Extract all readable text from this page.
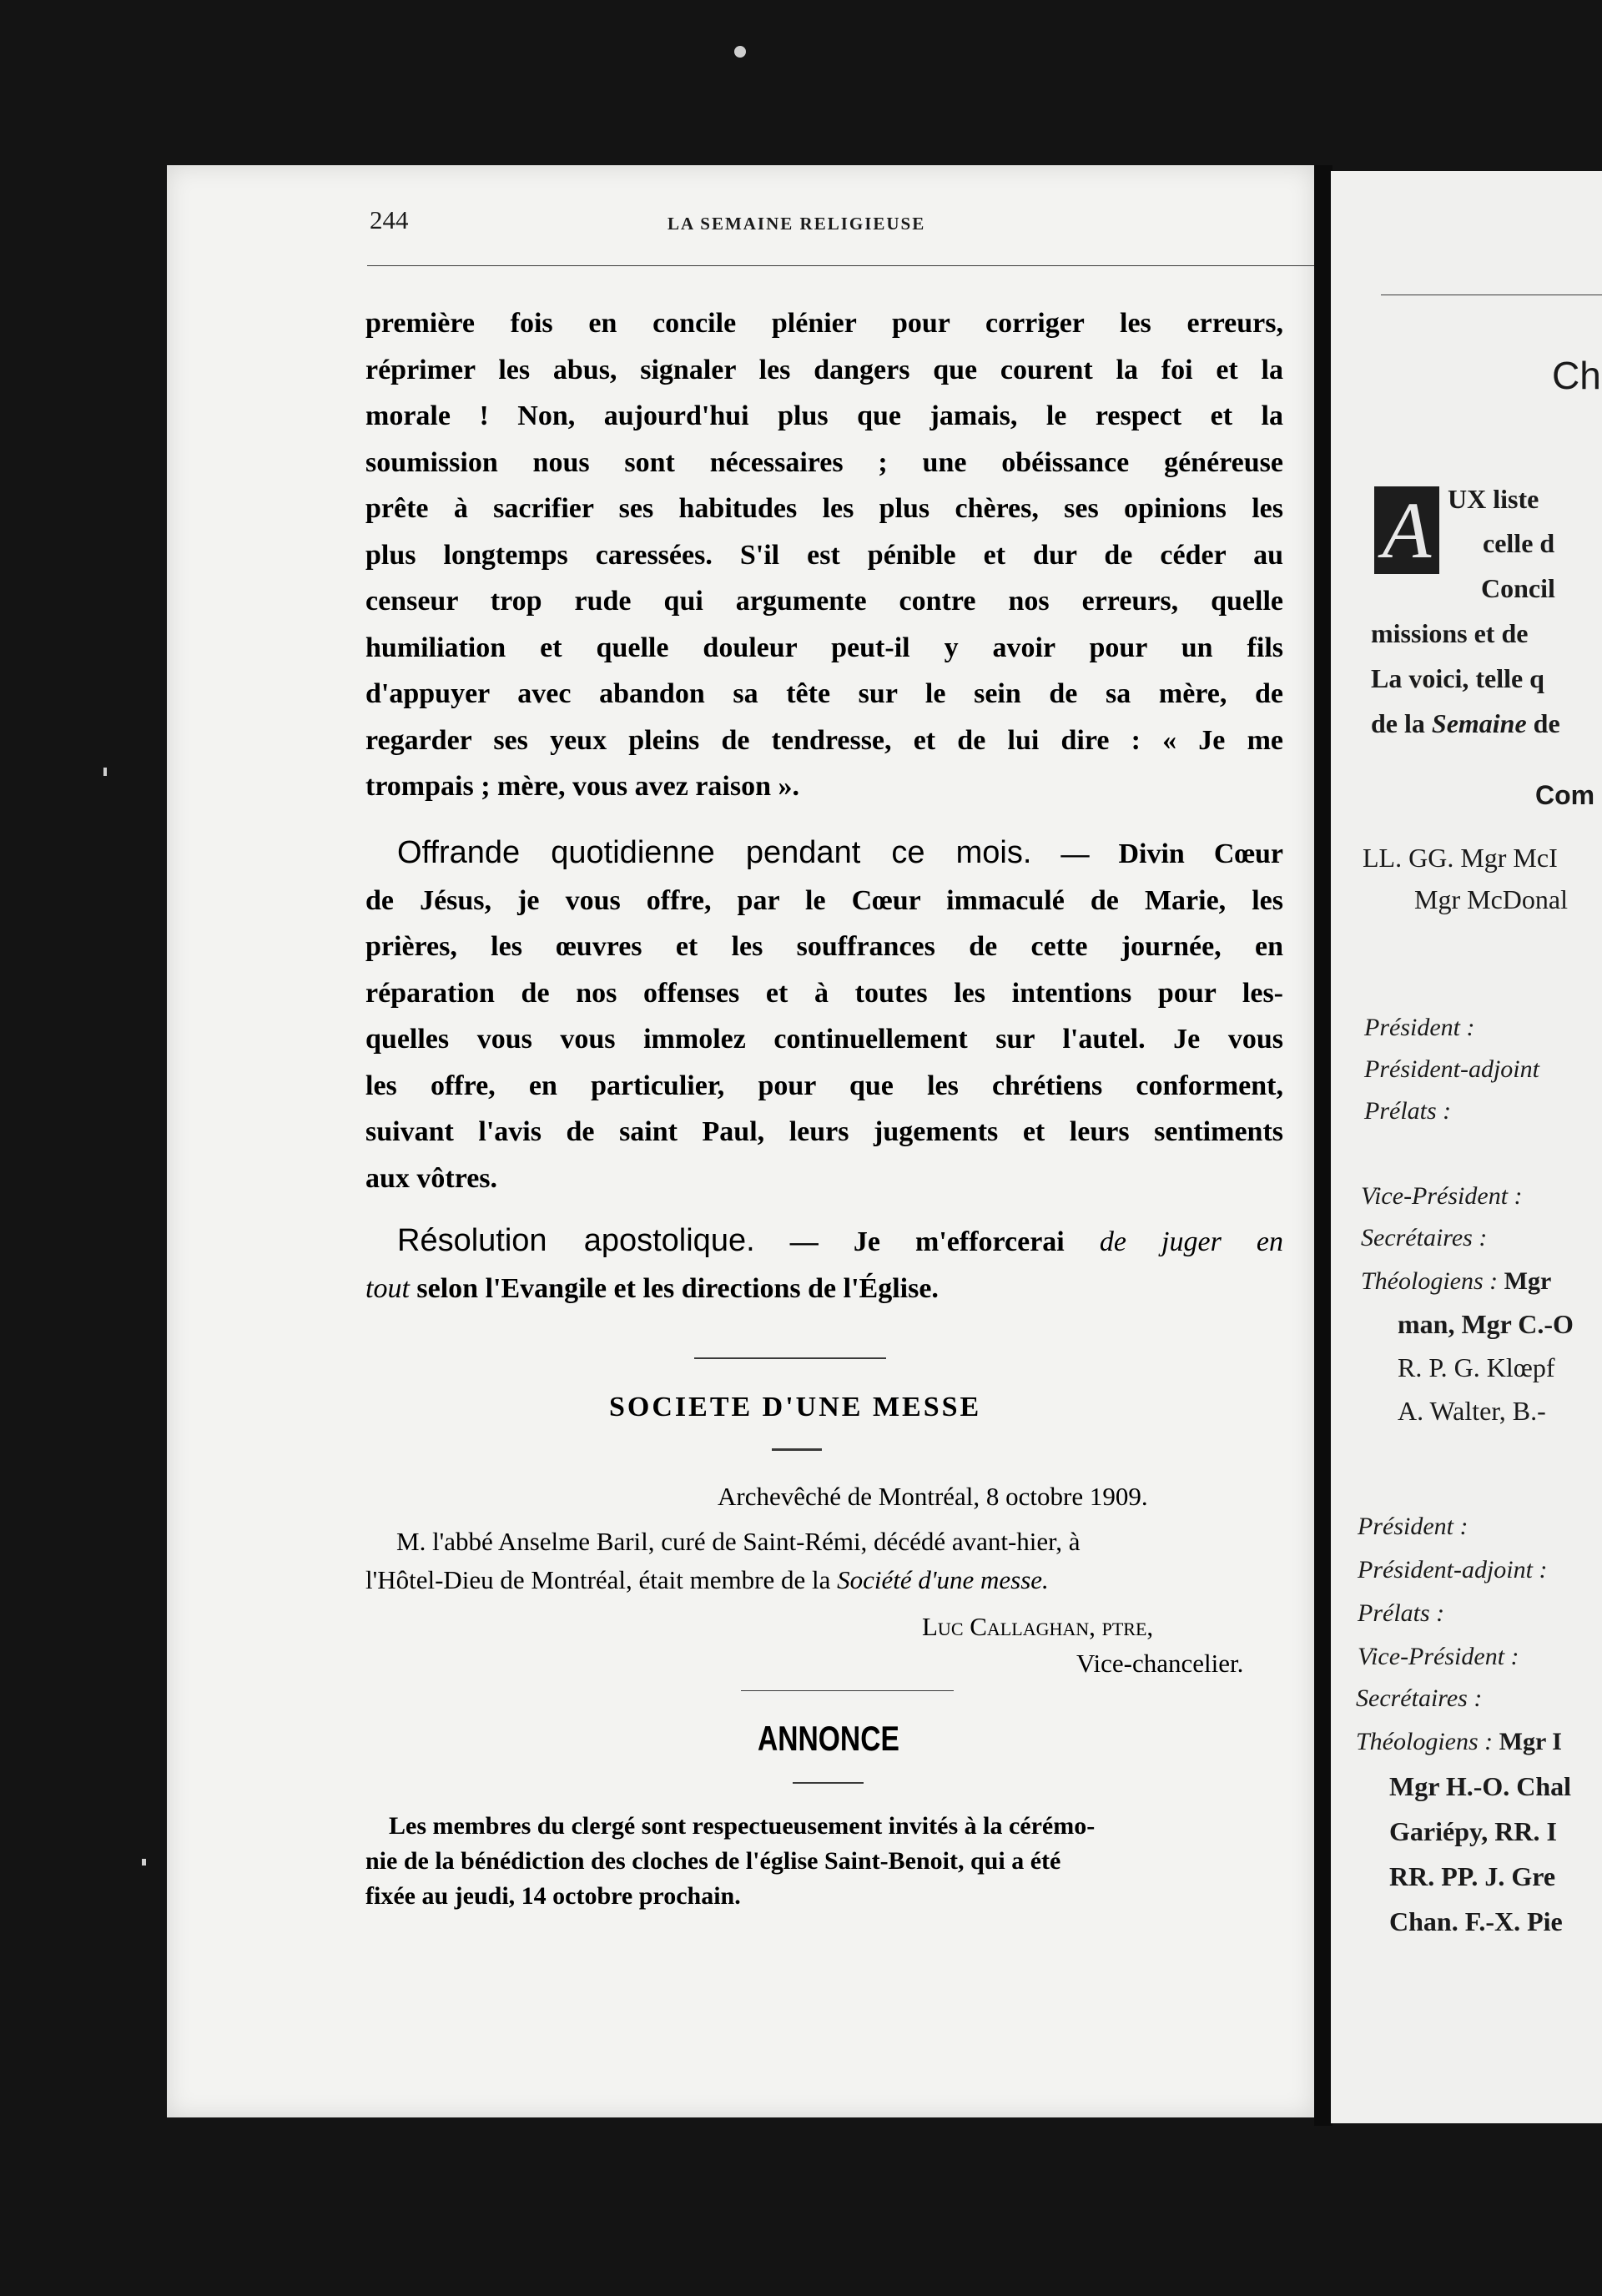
244	LA SEMAINE RELIGIEUSE

première fois en concile plénier pour corriger les erreurs,

réprimer les abus, signaler les dangers que courent la foi et la

morale ! Non, aujourd'hui plus que jamais, le respect et la

soumission nous sont nécessaires ; une obéissance généreuse

prête à sacrifier ses habitudes les plus chères, ses opinions les

plus longtemps caressées. S'il est pénible et dur de céder au

censeur trop rude qui argumente contre nos erreurs, quelle

humiliation et quelle douleur peut-il y avoir pour un fils

d'appuyer avec abandon sa tête sur le sein de sa mère, de

regarder ses yeux pleins de tendresse, et de lui dire : « Je me

trompais ; mère, vous avez raison ».

Offrande quotidienne pendant ce mois. — Divin Cœur

de Jésus, je vous offre, par le Cœur immaculé de Marie, les

prières, les œuvres et les souffrances de cette journée, en

réparation de nos offenses et à toutes les intentions pour les-

quelles vous vous immolez continuellement sur l'autel. Je vous

les offre, en particulier, pour que les chrétiens conforment,

suivant l'avis de saint Paul, leurs jugements et leurs sentiments

aux vôtres.

Résolution apostolique. — Je m'efforcerai de juger en

tout selon l'Evangile et les directions de l'Église.

SOCIETE D'UNE MESSE
Archevêché de Montréal, 8 octobre 1909.
M. l'abbé Anselme Baril, curé de Saint-Rémi, décédé avant-hier, à
l'Hôtel-Dieu de Montréal, était membre de la Société d'une messe.
Luc Callaghan, ptre,
Vice-chancelier.
ANNONCE
Les membres du clergé sont respectueusement invités à la cérémo-
nie de la bénédiction des cloches de l'église Saint-Benoit, qui a été
fixée au jeudi, 14 octobre prochain.
Ch
A UX liste
celle d
Concil
missions et de
La voici, telle q
de la Semaine de
Com
LL. GG. Mgr McI
Mgr McDonal
Président :
Président-adjoint
Prélats :
Vice-Président :
Secrétaires :
Théologiens : Mgr
man, Mgr C.-O
R. P. G. Klœpf
A. Walter, B.-
Président :
Président-adjoint :
Prélats :
Vice-Président :
Secrétaires :
Théologiens : Mgr I
Mgr H.-O. Chal
Gariépy, RR. I
RR. PP. J. Gre
Chan. F.-X. Pie
